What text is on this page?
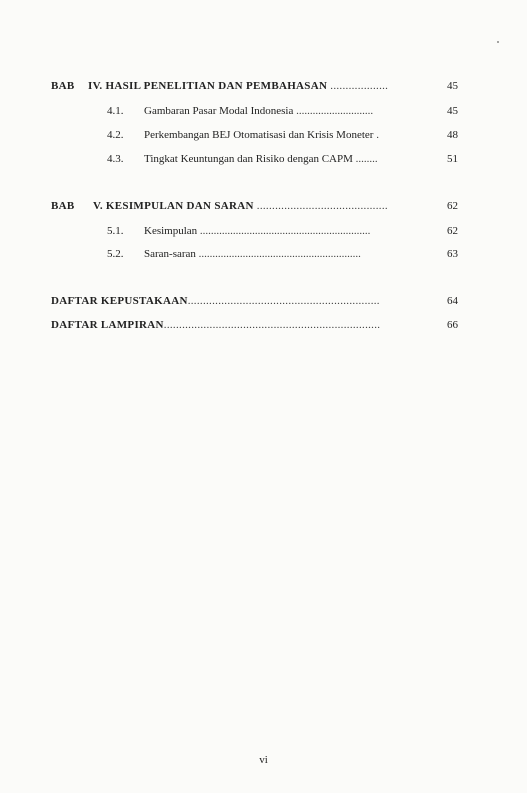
BAB IV. HASIL PENELITIAN DAN PEMBAHASAN ...................	45
4.1. Gambaran Pasar Modal Indonesia ............................	45
4.2. Perkembangan BEJ Otomatisasi dan Krisis Moneter .	48
4.3. Tingkat Keuntungan dan Risiko dengan CAPM ........	51
BAB V. KESIMPULAN DAN SARAN ...........................................	62
5.1. Kesimpulan ..............................................................	62
5.2. Saran-saran ...........................................................	63
DAFTAR KEPUSTAKAAN...............................................................	64
DAFTAR LAMPIRAN.......................................................................	66
vi
